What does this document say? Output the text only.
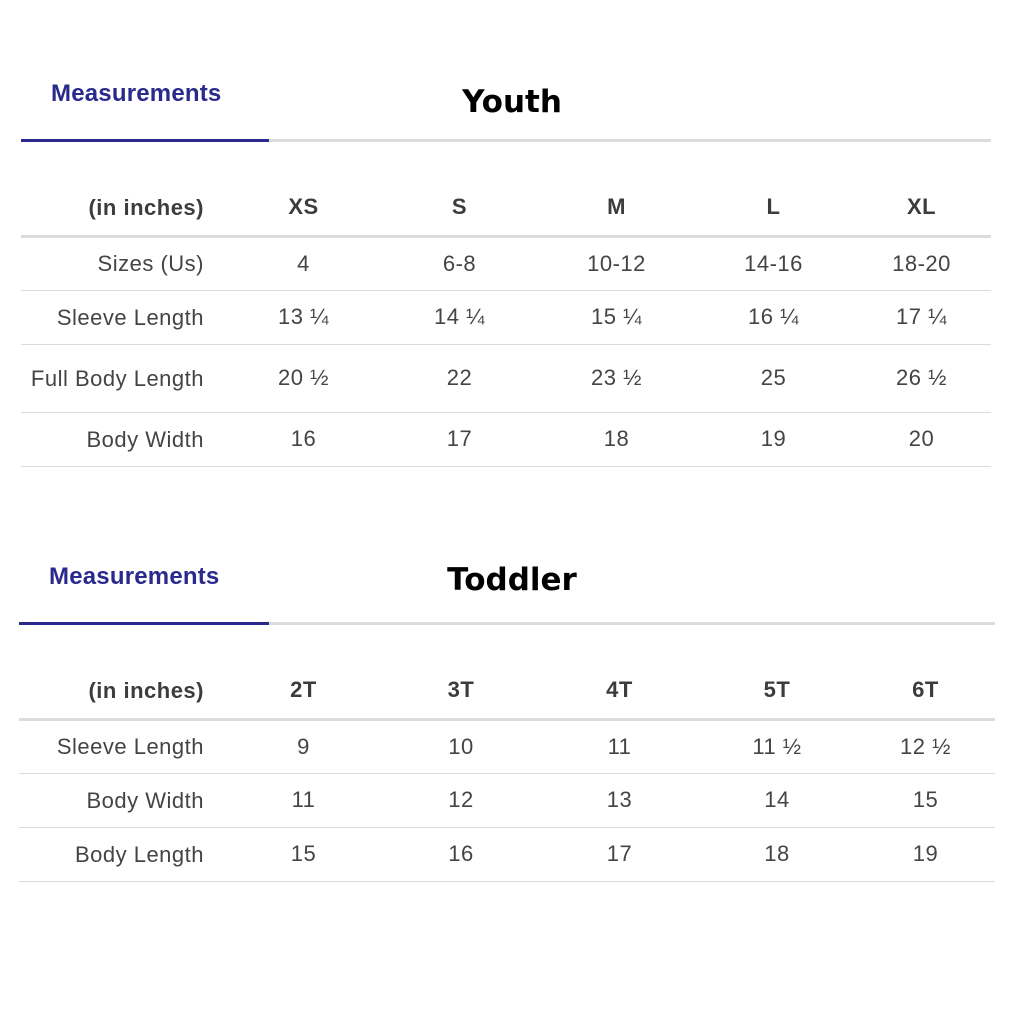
Measurements	Youth
(in inches)	XS	S	M	L	XL
Sizes (Us)	4	6-8	10-12	14-16	18-20
Sleeve Length	13 ¼	14 ¼	15 ¼	16 ¼	17 ¼
Full Body Length	20 ½	22	23 ½	25	26 ½
Body Width	16	17	18	19	20
Measurements	Toddler
(in inches)	2T	3T	4T	5T	6T
Sleeve Length	9	10	11	11 ½	12 ½
Body Width	11	12	13	14	15
Body Length	15	16	17	18	19
